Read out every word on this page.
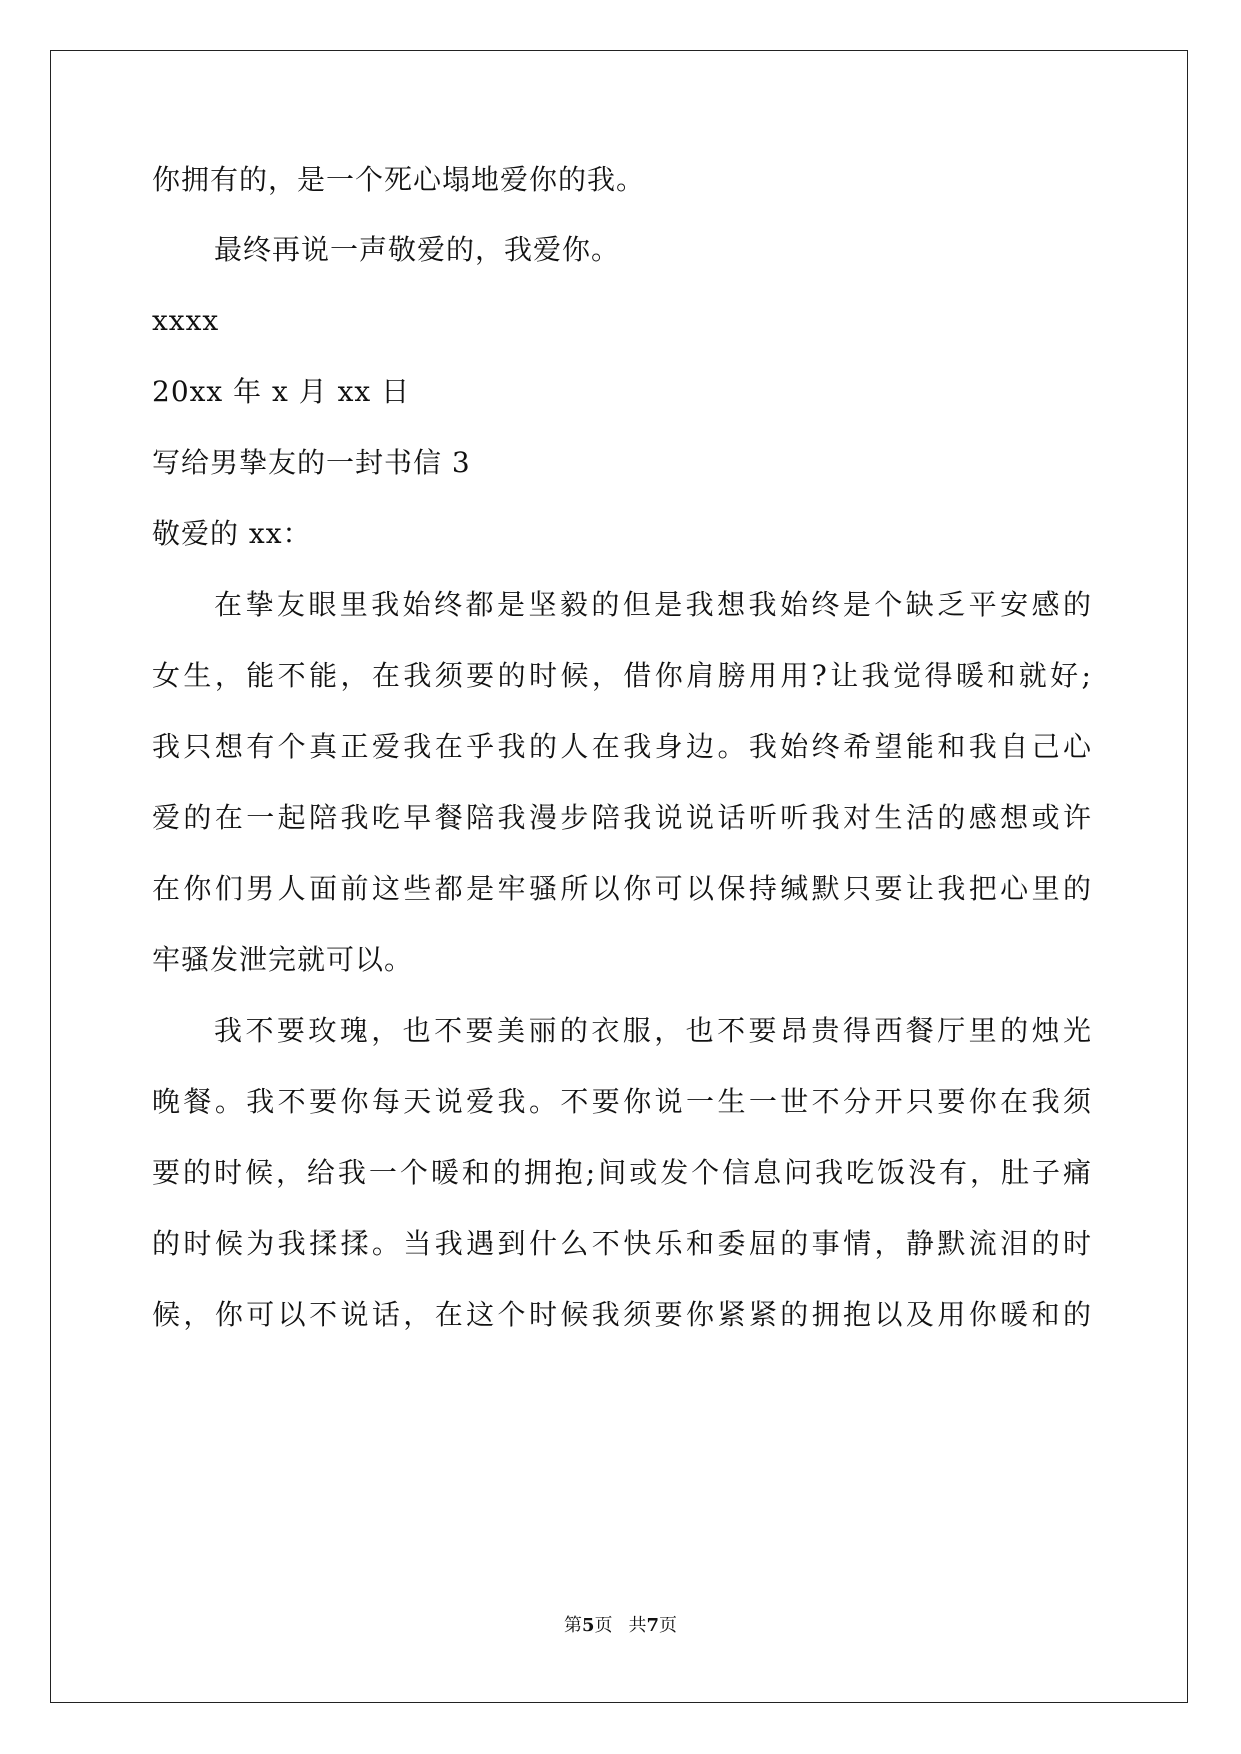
你拥有的，是一个死心塌地爱你的我。
最终再说一声敬爱的，我爱你。
xxxx
20xx 年 x 月 xx 日
写给男挚友的一封书信 3
敬爱的 xx：
在挚友眼里我始终都是坚毅的但是我想我始终是个缺乏平安感的
女生，能不能，在我须要的时候，借你肩膀用用?让我觉得暖和就好;
我只想有个真正爱我在乎我的人在我身边。我始终希望能和我自己心
爱的在一起陪我吃早餐陪我漫步陪我说说话听听我对生活的感想或许
在你们男人面前这些都是牢骚所以你可以保持缄默只要让我把心里的
牢骚发泄完就可以。
我不要玫瑰，也不要美丽的衣服，也不要昂贵得西餐厅里的烛光
晚餐。我不要你每天说爱我。不要你说一生一世不分开只要你在我须
要的时候，给我一个暖和的拥抱;间或发个信息问我吃饭没有，肚子痛
的时候为我揉揉。当我遇到什么不快乐和委屈的事情，静默流泪的时
候，你可以不说话，在这个时候我须要你紧紧的拥抱以及用你暖和的
第5页 共7页
